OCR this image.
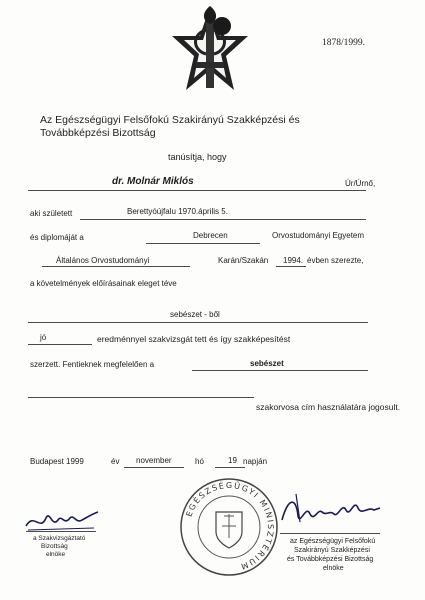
1878/1999.
Az Egészségügyi Felsőfokú Szakirányú Szakképzési és
Továbbképzési Bizottság
tanúsítja, hogy
dr. Molnár Miklós	Úr/Úrnő,
aki született	Berettyóújfalu 1970.április 5.
és diplomáját a	Debrecen	Orvostudományi Egyetem
Általános Orvostudományi	Karán/Szakán 1994. évben szerezte,
a követelmények előírásainak eleget téve
sebészet - ből
jó	eredménnyel szakvizsgát tett és így szakképesítést
szerzett. Fentieknek megfelelően a	sebészet
szakorvosa cím használatára jogosult.
Budapest 1999	év november	hó	19 napján
a Szakvizsgáztató
Bizottság
elnöke
EGÉSZSÉGÜGYI MINISZTÉRIUM
az Egészségügyi Felsőfokú
Szakirányú Szakképzési
és Továbbképzési Bizottság
elnöke
